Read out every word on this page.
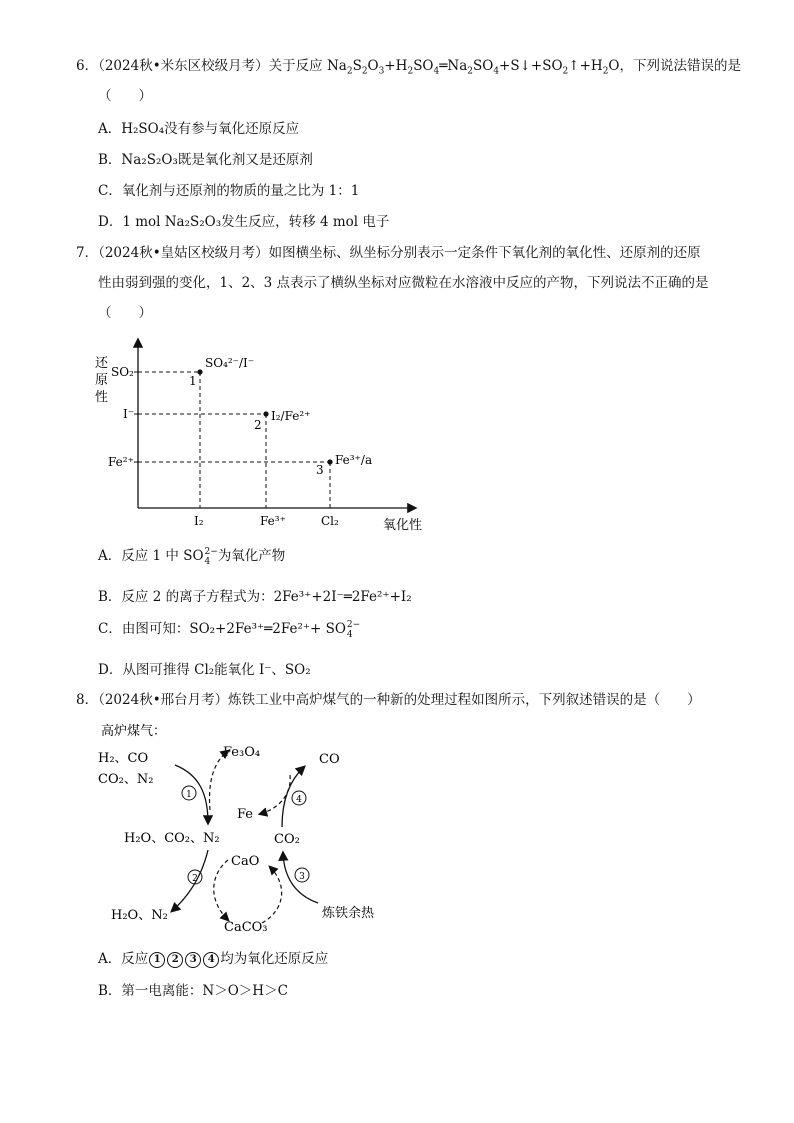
6．（2024秋•米东区校级月考）关于反应 $Na_2S_2O_3+H_2SO_4═Na_2SO_4+S↓+SO_2↑+H_2O$，下列说法错误的是
（　　）
A．H₂SO₄没有参与氧化还原反应
B．Na₂S₂O₃既是氧化剂又是还原剂
C．氧化剂与还原剂的物质的量之比为 1：1
D．1 mol Na₂S₂O₃发生反应，转移 4 mol 电子
7．（2024秋•皇姑区校级月考）如图横坐标、纵坐标分别表示一定条件下氧化剂的氧化性、还原剂的还原
性由弱到强的变化，1、2、3 点表示了横纵坐标对应微粒在水溶液中反应的产物，下列说法不正确的是
（　　）
还
原
性
SO₂
I⁻
Fe²⁺
I₂	Fe³⁺	Cl₂	氧化性
1
2
3
SO₄²⁻/I⁻
I₂/Fe²⁺
Fe³⁺/a
A．反应 1 中 SO 2−
4 为氧化产物
B．反应 2 的离子方程式为：2Fe³⁺+2I⁻═2Fe²⁺+I₂
C．由图可知：SO₂+2Fe³⁺═2Fe²⁺+ SO 2−
4
D．从图可推得 Cl₂能氧化 I⁻、SO₂
8．（2024秋•邢台月考）炼铁工业中高炉煤气的一种新的处理过程如图所示，下列叙述错误的是（　　）
高炉煤气：
H₂、CO
CO₂、N₂
Fe₃O₄	CO
Fe
H₂O、CO₂、N₂	CO₂
CaO
H₂O、N₂
CaCO₃
炼铁余热
1
2	3
4
A．反应 1 2 3 4 均为氧化还原反应
B．第一电离能：N＞O＞H＞C
